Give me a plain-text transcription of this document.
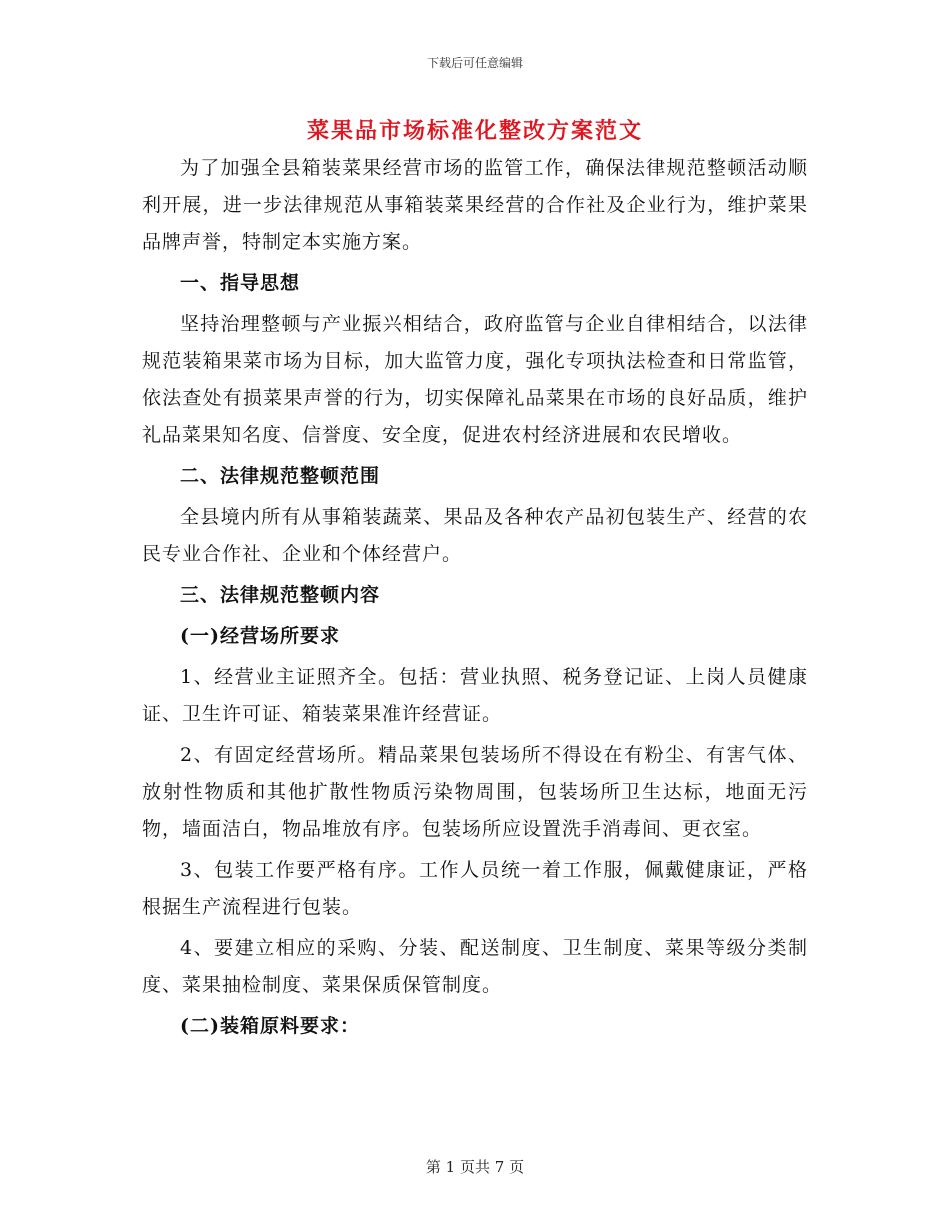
下载后可任意编辑
菜果品市场标准化整改方案范文

为了加强全县箱装菜果经营市场的监管工作，确保法律规范整顿活动顺利开展，进一步法律规范从事箱装菜果经营的合作社及企业行为，维护菜果品牌声誉，特制定本实施方案。

一、指导思想

坚持治理整顿与产业振兴相结合，政府监管与企业自律相结合，以法律规范装箱果菜市场为目标，加大监管力度，强化专项执法检查和日常监管，依法查处有损菜果声誉的行为，切实保障礼品菜果在市场的良好品质，维护礼品菜果知名度、信誉度、安全度，促进农村经济进展和农民增收。

二、法律规范整顿范围

全县境内所有从事箱装蔬菜、果品及各种农产品初包装生产、经营的农民专业合作社、企业和个体经营户。

三、法律规范整顿内容

(一)经营场所要求

1、经营业主证照齐全。包括：营业执照、税务登记证、上岗人员健康证、卫生许可证、箱装菜果准许经营证。

2、有固定经营场所。精品菜果包装场所不得设在有粉尘、有害气体、放射性物质和其他扩散性物质污染物周围，包装场所卫生达标，地面无污物，墙面洁白，物品堆放有序。包装场所应设置洗手消毒间、更衣室。

3、包装工作要严格有序。工作人员统一着工作服，佩戴健康证，严格根据生产流程进行包装。

4、要建立相应的采购、分装、配送制度、卫生制度、菜果等级分类制度、菜果抽检制度、菜果保质保管制度。

(二)装箱原料要求：

第 1 页共 7 页
